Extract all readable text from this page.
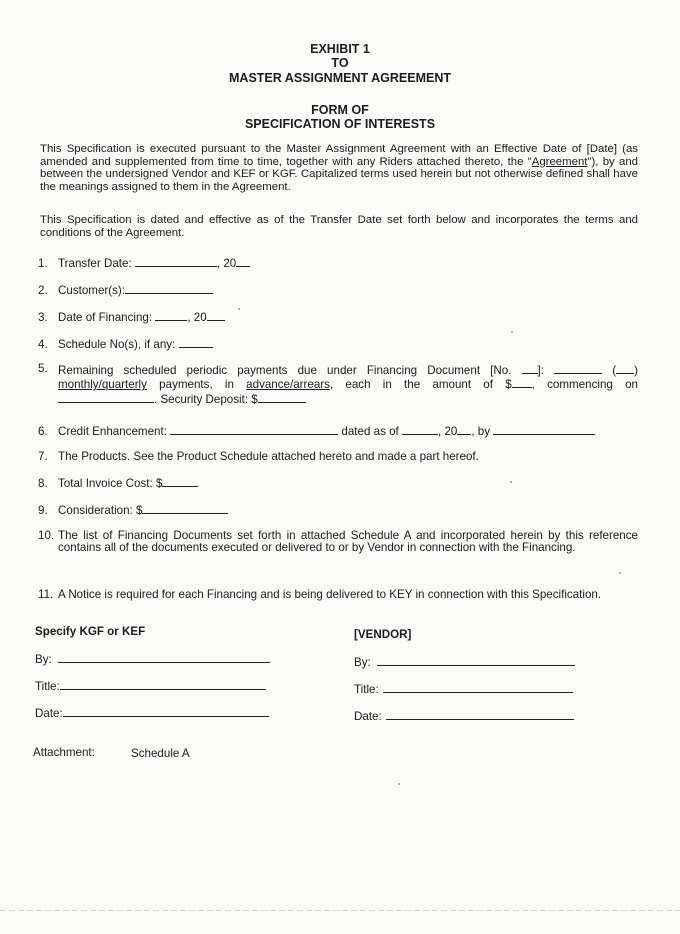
EXHIBIT 1
TO
MASTER ASSIGNMENT AGREEMENT
FORM OF
SPECIFICATION OF INTERESTS
This Specification is executed pursuant to the Master Assignment Agreement with an Effective Date of [Date] (as amended and supplemented from time to time, together with any Riders attached thereto, the "Agreement"), by and between the undersigned Vendor and KEF or KGF. Capitalized terms used herein but not otherwise defined shall have the meanings assigned to them in the Agreement.
This Specification is dated and effective as of the Transfer Date set forth below and incorporates the terms and conditions of the Agreement.
1. Transfer Date:	, 20
2. Customer(s):
3. Date of Financing:	, 20
4. Schedule No(s), if any:
5. Remaining scheduled periodic payments due under Financing Document [No. ]:	( ) monthly/quarterly payments, in advance/arrears, each in the amount of $ , commencing on . Security Deposit: $
6. Credit Enhancement:	dated as of	, 20 , by
7. The Products. See the Product Schedule attached hereto and made a part hereof.
8. Total Invoice Cost: $
9. Consideration: $
10. The list of Financing Documents set forth in attached Schedule A and incorporated herein by this reference contains all of the documents executed or delivered to or by Vendor in connection with the Financing.
11. A Notice is required for each Financing and is being delivered to KEY in connection with this Specification.
Specify KGF or KEF
By:
Title:
Date:
[VENDOR]
By:
Title:
Date:
Attachment:	Schedule A
